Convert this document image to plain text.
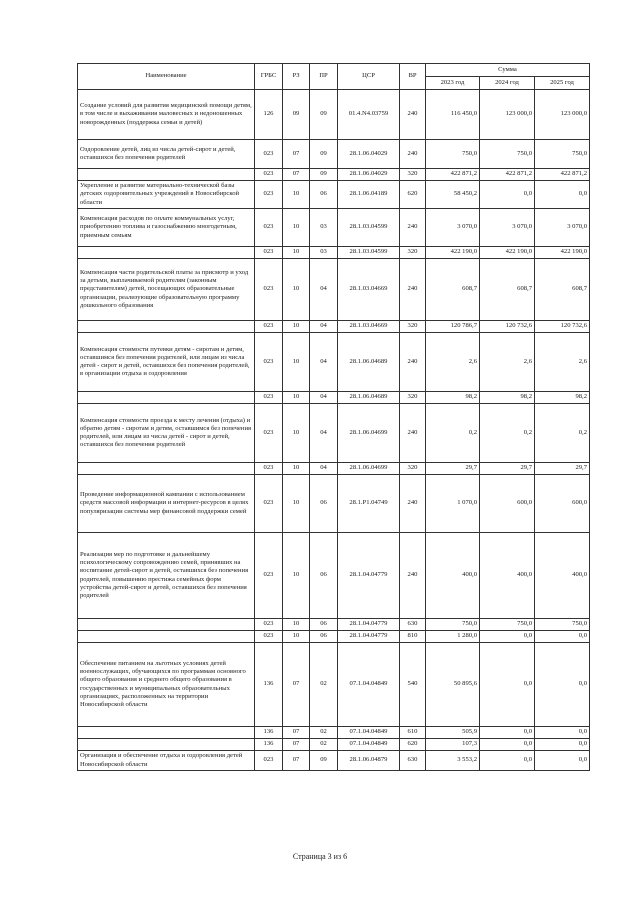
Наименование	ГРБС	РЗ	ПР	ЦСР	ВР	Сумма		
						2023 год	2024 год	2025 год
Создание условий для развития медицинской помощи детям, в том числе и выхаживания маловесных и недоношенных новорожденных (поддержка семьи и детей)	126	09	09	01.4.N4.03759	240	116 450,0	123 000,0	123 000,0
Оздоровление детей, лиц из числа детей-сирот и детей, оставшихся без попечения родителей	023	07	09	28.1.06.04029	240	750,0	750,0	750,0
	023	07	09	28.1.06.04029	320	422 871,2	422 871,2	422 871,2
Укрепление и развитие материально-технической базы детских оздоровительных учреждений в Новосибирской области	023	10	06	28.1.06.04189	620	58 450,2	0,0	0,0
Компенсация расходов по оплате коммунальных услуг, приобретению топлива и газоснабжению многодетным, приемным семьям	023	10	03	28.1.03.04599	240	3 070,0	3 070,0	3 070,0
	023	10	03	28.1.03.04599	320	422 190,0	422 190,0	422 190,0
Компенсация части родительской платы за присмотр и уход за детьми, выплачиваемой родителям (законным представителям) детей, посещающих образовательные организации, реализующие образовательную программу дошкольного образования	023	10	04	28.1.03.04669	240	608,7	608,7	608,7
	023	10	04	28.1.03.04669	320	120 786,7	120 732,6	120 732,6
Компенсация стоимости путевки детям - сиротам и детям, оставшимся без попечения родителей, или лицам из числа детей - сирот и детей, оставшихся без попечения родителей, в организации отдыха и оздоровления	023	10	04	28.1.06.04689	240	2,6	2,6	2,6
	023	10	04	28.1.06.04689	320	98,2	98,2	98,2
Компенсация стоимости проезда к месту лечения (отдыха) и обратно детям - сиротам и детям, оставшимся без попечения родителей, или лицам из числа детей - сирот и детей, оставшихся без попечения родителей	023	10	04	28.1.06.04699	240	0,2	0,2	0,2
	023	10	04	28.1.06.04699	320	29,7	29,7	29,7
Проведение информационной кампании с использованием средств массовой информации и интернет-ресурсов в целях популяризации системы мер финансовой поддержки семей	023	10	06	28.1.P1.04749	240	1 070,0	600,0	600,0
Реализация мер по подготовке и дальнейшему психологическому сопровождению семей, принявших на воспитание детей-сирот и детей, оставшихся без попечения родителей, повышению престижа семейных форм устройства детей-сирот и детей, оставшихся без попечения родителей	023	10	06	28.1.04.04779	240	400,0	400,0	400,0
	023	10	06	28.1.04.04779	630	750,0	750,0	750,0
	023	10	06	28.1.04.04779	810	1 280,0	0,0	0,0
Обеспечение питанием на льготных условиях детей военнослужащих, обучающихся по программам основного общего образования и среднего общего образования в государственных и муниципальных образовательных организациях, расположенных на территории Новосибирской области	136	07	02	07.1.04.04849	540	50 895,6	0,0	0,0
	136	07	02	07.1.04.04849	610	505,9	0,0	0,0
	136	07	02	07.1.04.04849	620	107,3	0,0	0,0
Организация и обеспечение отдыха и оздоровления детей Новосибирской области	023	07	09	28.1.06.04879	630	3 553,2	0,0	0,0
Страница 3 из 6
